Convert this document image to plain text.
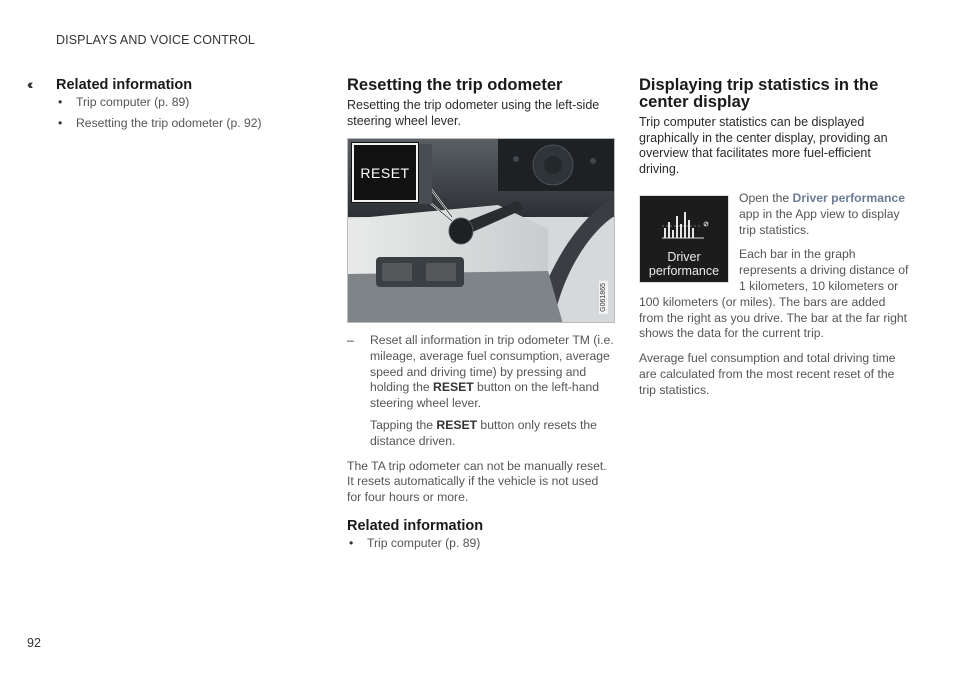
DISPLAYS AND VOICE CONTROL
‹‹ Related information
• Trip computer (p. 89)
• Resetting the trip odometer (p. 92)
Resetting the trip odometer

Resetting the trip odometer using the left-side steering wheel lever.

RESET
G061865
– Reset all information in trip odometer TM (i.e. mileage, average fuel consumption, average speed and driving time) by pressing and holding the RESET button on the left-hand steering wheel lever.

Tapping the RESET button only resets the distance driven.

The TA trip odometer can not be manually reset. It resets automatically if the vehicle is not used for four hours or more.

Related information
• Trip computer (p. 89)
Displaying trip statistics in the center display

Trip computer statistics can be displayed graphically in the center display, providing an overview that facilitates more fuel-efficient driving.

Driver
performance

Open the Driver performance app in the App view to display trip statistics.

Each bar in the graph represents a driving distance of 1 kilometers, 10 kilometers or 100 kilometers (or miles). The bars are added from the right as you drive. The bar at the far right shows the data for the current trip.

Average fuel consumption and total driving time are calculated from the most recent reset of the trip statistics.

92
